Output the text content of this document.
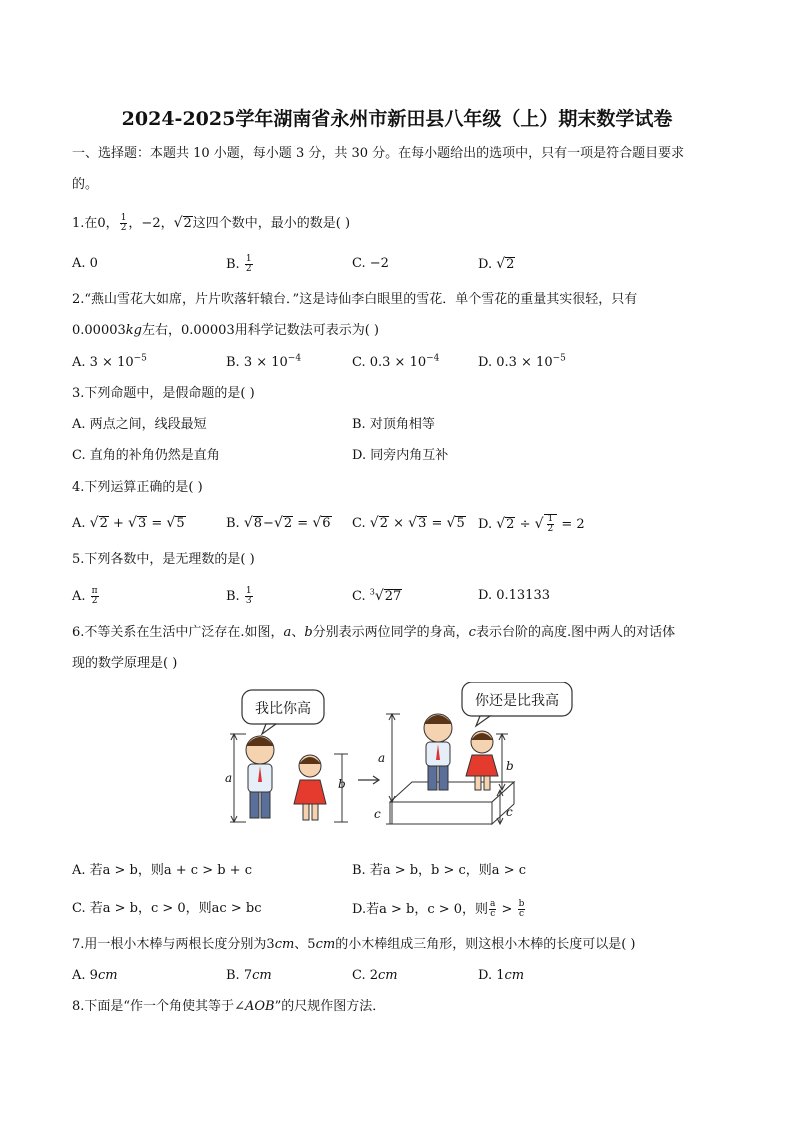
2024-2025学年湖南省永州市新田县八年级（上）期末数学试卷
一、选择题：本题共 10 小题，每小题 3 分，共 30 分。在每小题给出的选项中，只有一项是符合题目要求
的。
1.在0， $\frac{1}{2}$ ，−2，√2这四个数中，最小的数是( )
A. 0	B. $\frac{1}{2}$	C. −2	D. √2
2.“燕山雪花大如席，片片吹落轩辕台．”这是诗仙李白眼里的雪花．单个雪花的重量其实很轻，只有
0.00003kg左右，0.00003用科学记数法可表示为( )
A. $3 \times 10^{-5}$	B. $3 \times 10^{-4}$	C. $0.3 \times 10^{-4}$	D. $0.3 \times 10^{-5}$
3.下列命题中，是假命题的是( )
A. 两点之间，线段最短	B. 对顶角相等
C. 直角的补角仍然是直角	D. 同旁内角互补
4.下列运算正确的是( )
A. √2 + √3 = √5	B. √8−√2 = √6 C. √2 × √3 = √5 D. √2 ÷ √ $\frac{1}{2} = 2$
5.下列各数中，是无理数的是( )
A. $\frac{\pi}{2}$	B. $\frac{1}{3}$	C. $^3$√27	D. 0.13133
6.不等关系在生活中广泛存在.如图，a、b分别表示两位同学的身高，c表示台阶的高度.图中两人的对话体
现的数学原理是( )
我比你高
a	b
你还是比我高
a
c
b
c
A. 若a > b，则a + c > b + c	B. 若a > b，b > c，则a > c
C. 若a > b，c > 0，则ac > bc	D.若a > b，c > 0，则 $\frac{a}{c} > \frac{b}{c}$
7.用一根小木棒与两根长度分别为3cm、5cm的小木棒组成三角形，则这根小木棒的长度可以是( )
A. 9cm	B. 7cm	C. 2cm	D. 1cm
8.下面是“作一个角使其等于∠AOB”的尺规作图方法．
